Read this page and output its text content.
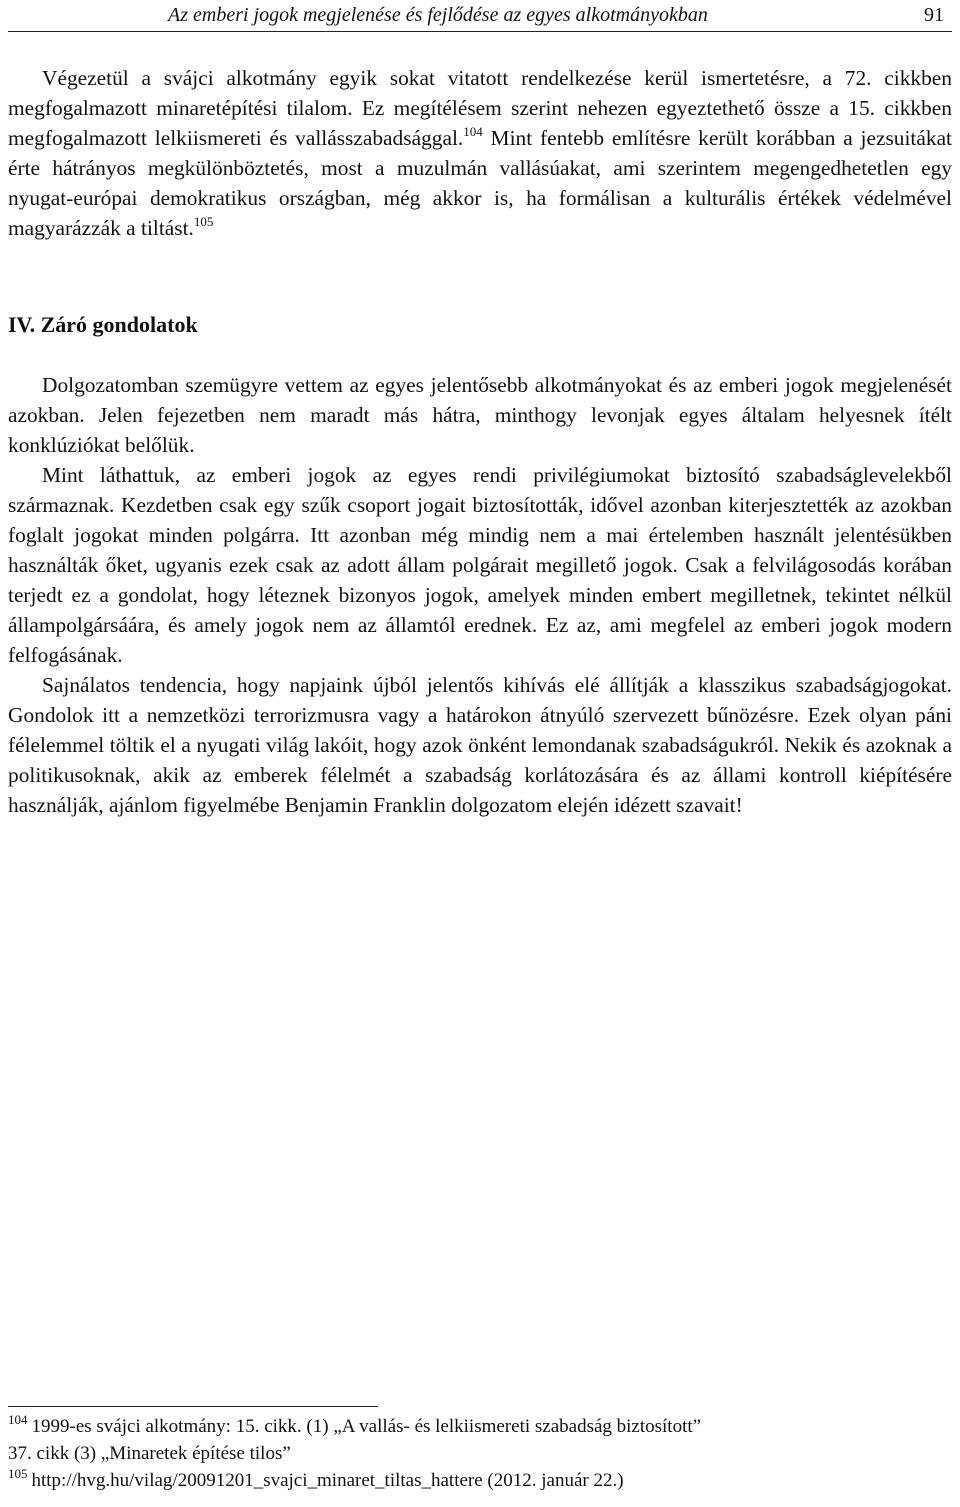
Az emberi jogok megjelenése és fejlődése az egyes alkotmányokban	91
Végezetül a svájci alkotmány egyik sokat vitatott rendelkezése kerül ismertetésre, a 72. cikkben megfogalmazott minaretépítési tilalom. Ez megítélésem szerint nehezen egyeztethető össze a 15. cikkben megfogalmazott lelkiismereti és vallásszabadsággal.$^{104}$ Mint fentebb említésre került korábban a jezsuitákat érte hátrányos megkülönböztetés, most a muzulmán vallásúakat, ami szerintem megengedhetetlen egy nyugat-európai demokratikus országban, még akkor is, ha formálisan a kulturális értékek védelmével magyarázzák a tiltást.$^{105}$
IV. Záró gondolatok

Dolgozatomban szemügyre vettem az egyes jelentősebb alkotmányokat és az emberi jogok megjelenését azokban. Jelen fejezetben nem maradt más hátra, minthogy levonjak egyes általam helyesnek ítélt konklúziókat belőlük.

Mint láthattuk, az emberi jogok az egyes rendi privilégiumokat biztosító szabadságlevelekből származnak. Kezdetben csak egy szűk csoport jogait biztosították, idővel azonban kiterjesztették az azokban foglalt jogokat minden polgárra. Itt azonban még mindig nem a mai értelemben használt jelentésükben használták őket, ugyanis ezek csak az adott állam polgárait megillető jogok. Csak a felvilágosodás korában terjedt ez a gondolat, hogy léteznek bizonyos jogok, amelyek minden embert megilletnek, tekintet nélkül állampolgársáára, és amely jogok nem az államtól erednek. Ez az, ami megfelel az emberi jogok modern felfogásának.

Sajnálatos tendencia, hogy napjaink újból jelentős kihívás elé állítják a klasszikus szabadságjogokat. Gondolok itt a nemzetközi terrorizmusra vagy a határokon átnyúló szervezett bűnözésre. Ezek olyan páni félelemmel töltik el a nyugati világ lakóit, hogy azok önként lemondanak szabadságukról. Nekik és azoknak a politikusoknak, akik az emberek félelmét a szabadság korlátozására és az állami kontroll kiépítésére használják, ajánlom figyelmébe Benjamin Franklin dolgozatom elején idézett szavait!

$^{104}$ 1999-es svájci alkotmány: 15. cikk. (1) „A vallás- és lelkiismereti szabadság biztosított”
37. cikk (3) „Minaretek építése tilos”
$^{105}$ http://hvg.hu/vilag/20091201_svajci_minaret_tiltas_hattere (2012. január 22.)
